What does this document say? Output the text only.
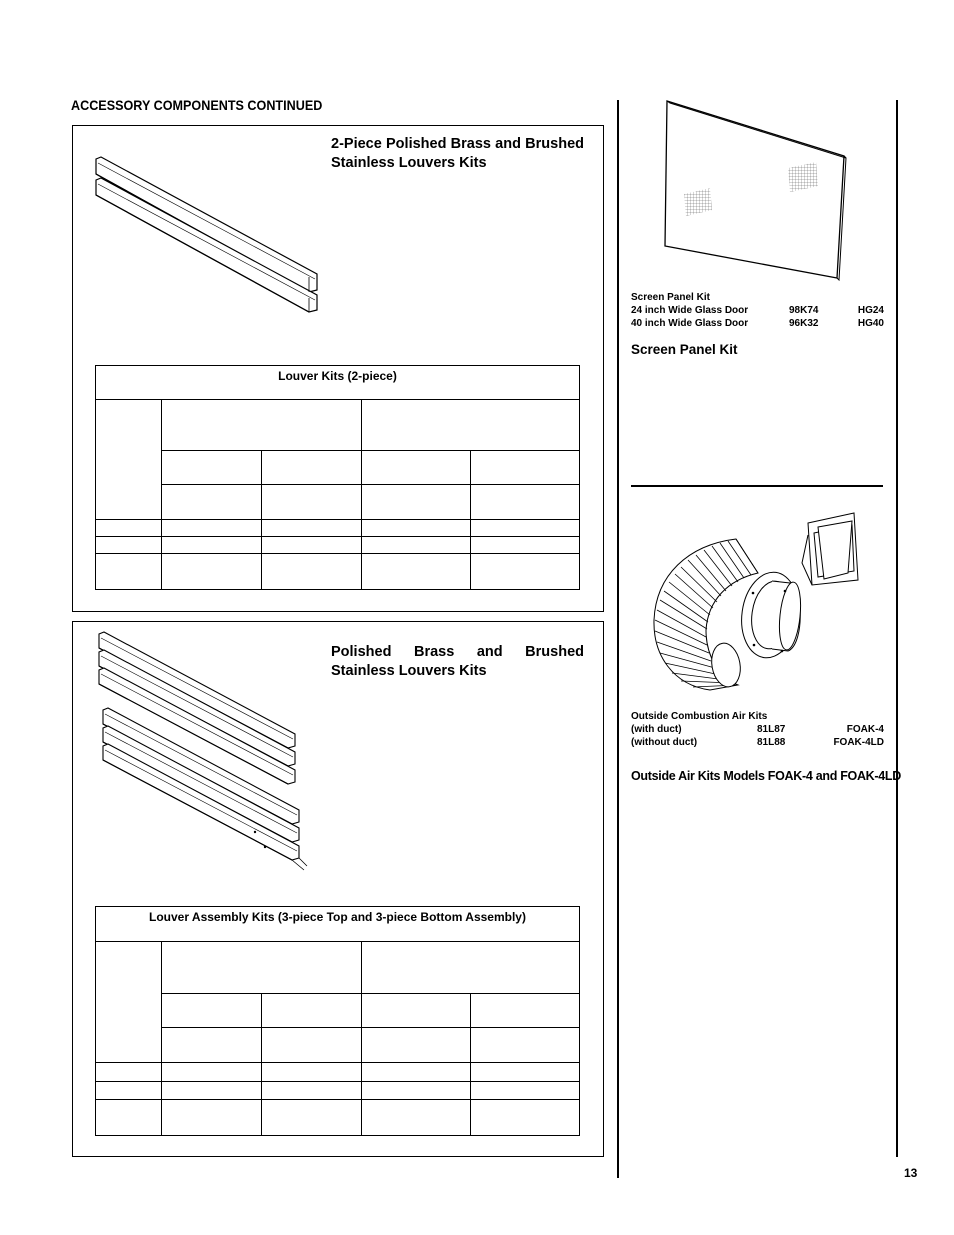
ACCESSORY COMPONENTS CONTINUED
2-Piece Polished Brass and Brushed Stainless Louvers Kits
Louver Kits (2-piece)				

Polished Brass and Brushed Stainless Louvers Kits
Louver Assembly Kits (3-piece Top and 3-piece Bottom Assembly)				

Screen Panel Kit
24 inch Wide Glass Door	98K74	HG24
40 inch Wide Glass Door	96K32	HG40
Screen Panel Kit
Outside Combustion Air Kits
(with duct)	81L87	FOAK-4
(without duct)	81L88	FOAK-4LD
Outside Air Kits Models FOAK-4 and FOAK-4LD
13
